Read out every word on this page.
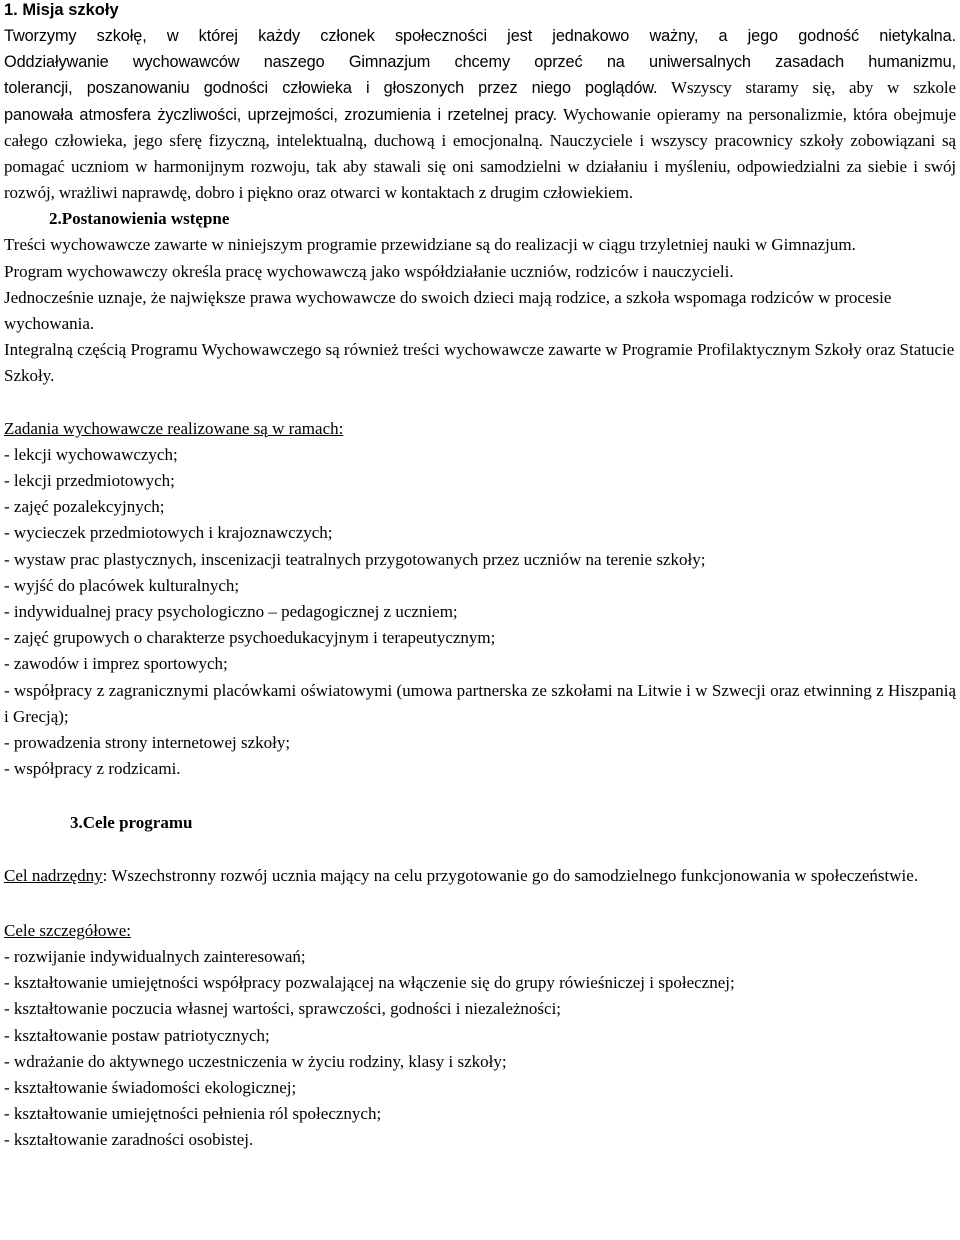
1. Misja szkoły

Tworzymy szkołę, w której każdy członek społeczności jest jednakowo ważny, a jego godność nietykalna.
Oddziaływanie wychowawców naszego Gimnazjum chcemy oprzeć na uniwersalnych zasadach humanizmu,
tolerancji, poszanowaniu godności człowieka i głoszonych przez niego poglądów. Wszyscy staramy się, aby w szkole
panowała atmosfera życzliwości, uprzejmości, zrozumienia i rzetelnej pracy. Wychowanie opieramy na personalizmie, która obejmuje całego człowieka, jego sferę fizyczną, intelektualną, duchową i emocjonalną. Nauczyciele i wszyscy pracownicy szkoły zobowiązani są pomagać uczniom w harmonijnym rozwoju, tak aby stawali się oni samodzielni w działaniu i myśleniu, odpowiedzialni za siebie i swój rozwój, wrażliwi naprawdę, dobro i piękno oraz otwarci w kontaktach z drugim człowiekiem.

2.Postanowienia wstępne

Treści wychowawcze zawarte w niniejszym programie przewidziane są do realizacji w ciągu trzyletniej nauki w Gimnazjum.

Program wychowawczy określa pracę wychowawczą jako współdziałanie uczniów, rodziców i nauczycieli.

Jednocześnie uznaje, że największe prawa wychowawcze do swoich dzieci mają rodzice, a szkoła wspomaga rodziców w procesie wychowania.

Integralną częścią Programu Wychowawczego są również treści wychowawcze zawarte w Programie Profilaktycznym Szkoły oraz Statucie Szkoły.

Zadania wychowawcze realizowane są w ramach:

- lekcji wychowawczych;
- lekcji przedmiotowych;
- zajęć pozalekcyjnych;
- wycieczek przedmiotowych i krajoznawczych;
- wystaw prac plastycznych, inscenizacji teatralnych przygotowanych przez uczniów na terenie szkoły;
- wyjść do placówek kulturalnych;
- indywidualnej pracy psychologiczno – pedagogicznej z uczniem;
- zajęć grupowych o charakterze psychoedukacyjnym i terapeutycznym;
- zawodów i imprez sportowych;
- współpracy z zagranicznymi placówkami oświatowymi (umowa partnerska ze szkołami na Litwie i w Szwecji oraz etwinning z Hiszpanią i Grecją);
- prowadzenia strony internetowej szkoły;
- współpracy z rodzicami.

3.Cele programu

Cel nadrzędny: Wszechstronny rozwój ucznia mający na celu przygotowanie go do samodzielnego funkcjonowania w społeczeństwie.

Cele szczegółowe:

- rozwijanie indywidualnych zainteresowań;
- kształtowanie umiejętności współpracy pozwalającej na włączenie się do grupy rówieśniczej i społecznej;
- kształtowanie poczucia własnej wartości, sprawczości, godności i niezależności;
- kształtowanie postaw patriotycznych;
- wdrażanie do aktywnego uczestniczenia w życiu rodziny, klasy i szkoły;
- kształtowanie świadomości ekologicznej;
- kształtowanie umiejętności pełnienia ról społecznych;
- kształtowanie zaradności osobistej.
